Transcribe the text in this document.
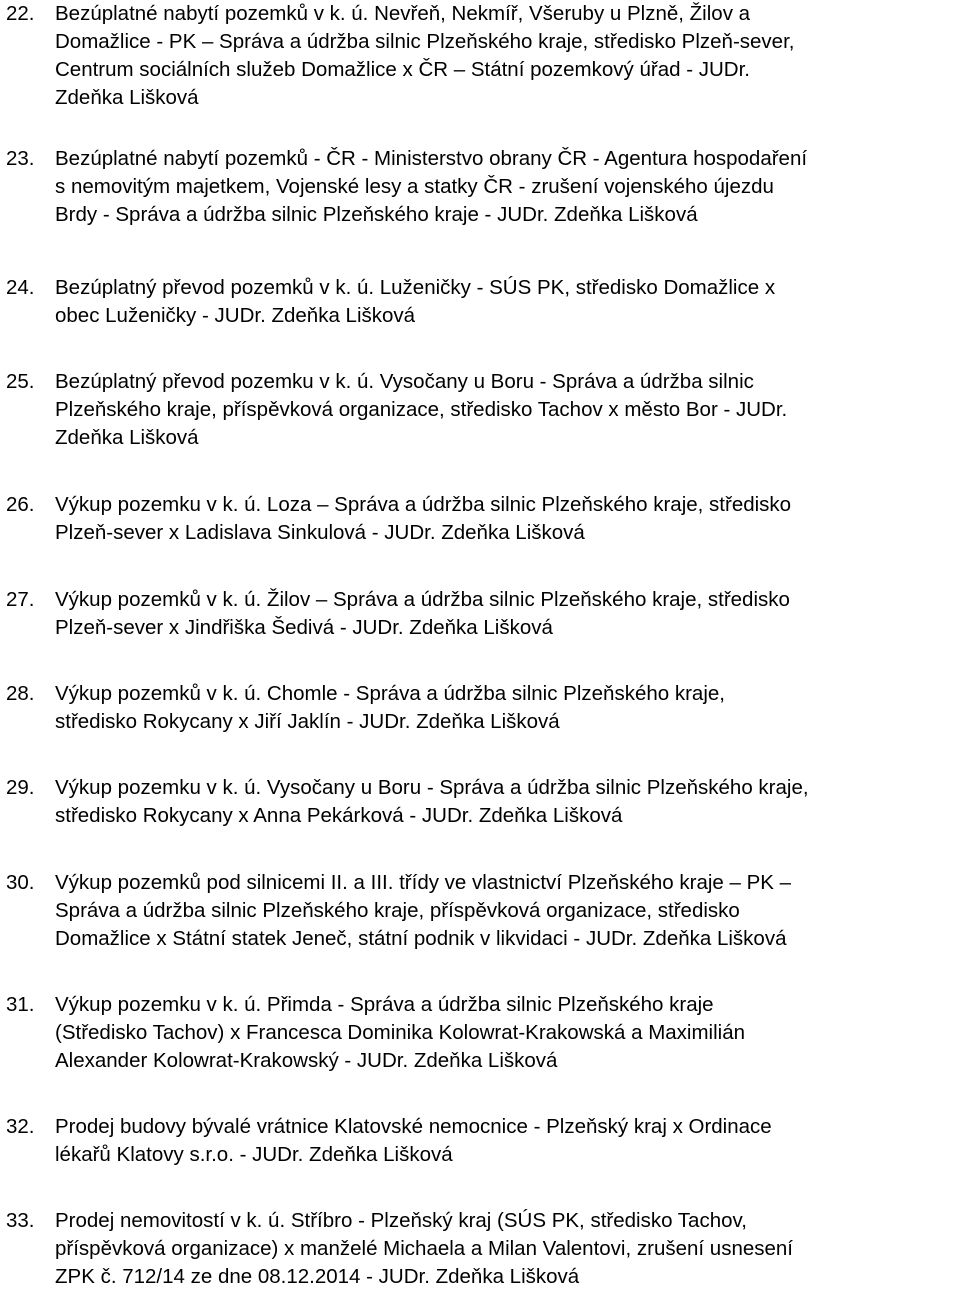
22. Bezúplatné nabytí pozemků v k. ú. Nevřeň, Nekmíř, Všeruby u Plzně, Žilov a
Domažlice - PK – Správa a údržba silnic Plzeňského kraje, středisko Plzeň-sever,
Centrum sociálních služeb Domažlice x ČR – Státní pozemkový úřad - JUDr.
Zdeňka Lišková
23. Bezúplatné nabytí pozemků - ČR - Ministerstvo obrany ČR - Agentura hospodaření
s nemovitým majetkem, Vojenské lesy a statky ČR - zrušení vojenského újezdu
Brdy - Správa a údržba silnic Plzeňského kraje - JUDr. Zdeňka Lišková
24. Bezúplatný převod pozemků v k. ú. Luženičky - SÚS PK, středisko Domažlice x
obec Luženičky - JUDr. Zdeňka Lišková
25. Bezúplatný převod pozemku v k. ú. Vysočany u Boru - Správa a údržba silnic
Plzeňského kraje, příspěvková organizace, středisko Tachov x město Bor - JUDr.
Zdeňka Lišková
26. Výkup pozemku v k. ú. Loza – Správa a údržba silnic Plzeňského kraje, středisko
Plzeň-sever x Ladislava Sinkulová - JUDr. Zdeňka Lišková
27. Výkup pozemků v k. ú. Žilov – Správa a údržba silnic Plzeňského kraje, středisko
Plzeň-sever x Jindřiška Šedivá - JUDr. Zdeňka Lišková
28. Výkup pozemků v k. ú. Chomle - Správa a údržba silnic Plzeňského kraje,
středisko Rokycany x Jiří Jaklín - JUDr. Zdeňka Lišková
29. Výkup pozemku v k. ú. Vysočany u Boru - Správa a údržba silnic Plzeňského kraje,
středisko Rokycany x Anna Pekárková - JUDr. Zdeňka Lišková
30. Výkup pozemků pod silnicemi II. a III. třídy ve vlastnictví Plzeňského kraje – PK –
Správa a údržba silnic Plzeňského kraje, příspěvková organizace, středisko
Domažlice x Státní statek Jeneč, státní podnik v likvidaci - JUDr. Zdeňka Lišková
31. Výkup pozemku v k. ú. Přimda - Správa a údržba silnic Plzeňského kraje
(Středisko Tachov) x Francesca Dominika Kolowrat-Krakowská a Maximilián
Alexander Kolowrat-Krakowský - JUDr. Zdeňka Lišková
32. Prodej budovy bývalé vrátnice Klatovské nemocnice - Plzeňský kraj x Ordinace
lékařů Klatovy s.r.o. - JUDr. Zdeňka Lišková
33. Prodej nemovitostí v k. ú. Stříbro - Plzeňský kraj (SÚS PK, středisko Tachov,
příspěvková organizace) x manželé Michaela a Milan Valentovi, zrušení usnesení
ZPK č. 712/14 ze dne 08.12.2014 - JUDr. Zdeňka Lišková
